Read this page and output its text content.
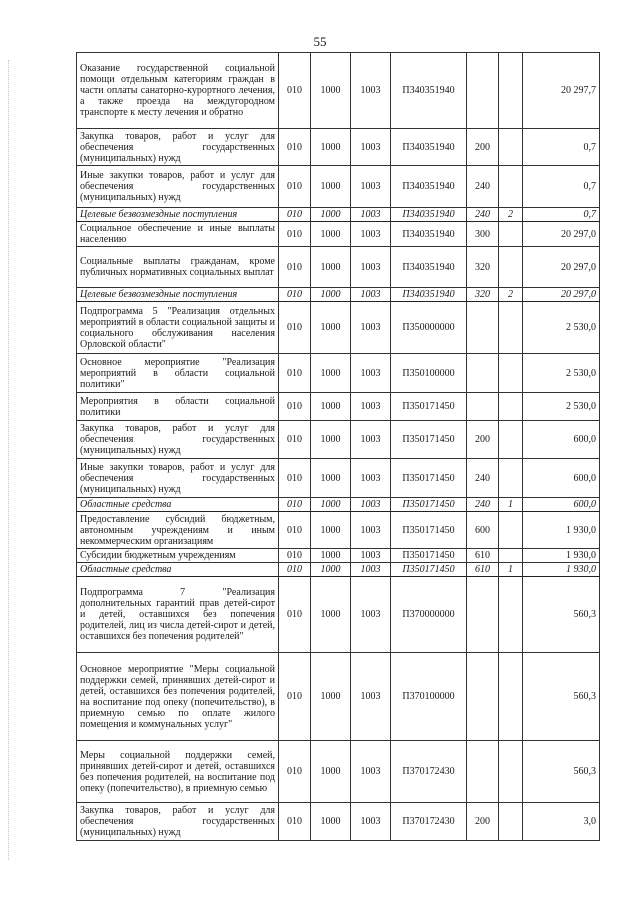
55
Оказание государственной социальной помощи отдельным категориям граждан в части оплаты санаторно-курортного лечения, а также проезда на междугородном транспорте к месту лечения и обратно	010	1000	1003	П340351940			20 297,7
Закупка товаров, работ и услуг для обеспечения государственных (муниципальных) нужд	010	1000	1003	П340351940	200		0,7
Иные закупки товаров, работ и услуг для обеспечения государственных (муниципальных) нужд	010	1000	1003	П340351940	240		0,7
Целевые безвозмездные поступления	010	1000	1003	П340351940	240	2	0,7
Социальное обеспечение и иные выплаты населению	010	1000	1003	П340351940	300		20 297,0
Социальные выплаты гражданам, кроме публичных нормативных социальных выплат	010	1000	1003	П340351940	320		20 297,0
Целевые безвозмездные поступления	010	1000	1003	П340351940	320	2	20 297,0
Подпрограмма 5 "Реализация отдельных мероприятий в области социальной защиты и социального обслуживания населения Орловской области"	010	1000	1003	П350000000			2 530,0
Основное мероприятие "Реализация мероприятий в области социальной политики"	010	1000	1003	П350100000			2 530,0
Мероприятия в области социальной политики	010	1000	1003	П350171450			2 530,0
Закупка товаров, работ и услуг для обеспечения государственных (муниципальных) нужд	010	1000	1003	П350171450	200		600,0
Иные закупки товаров, работ и услуг для обеспечения государственных (муниципальных) нужд	010	1000	1003	П350171450	240		600,0
Областные средства	010	1000	1003	П350171450	240	1	600,0
Предоставление субсидий бюджетным, автономным учреждениям и иным некоммерческим организациям	010	1000	1003	П350171450	600		1 930,0
Субсидии бюджетным учреждениям	010	1000	1003	П350171450	610		1 930,0
Областные средства	010	1000	1003	П350171450	610	1	1 930,0
Подпрограмма 7 "Реализация дополнительных гарантий прав детей-сирот и детей, оставшихся без попечения родителей, лиц из числа детей-сирот и детей, оставшихся без попечения родителей"	010	1000	1003	П370000000			560,3
Основное мероприятие "Меры социальной поддержки семей, принявших детей-сирот и детей, оставшихся без попечения родителей, на воспитание под опеку (попечительство), в приемную семью по оплате жилого помещения и коммунальных услуг"	010	1000	1003	П370100000			560,3
Меры социальной поддержки семей, принявших детей-сирот и детей, оставшихся без попечения родителей, на воспитание под опеку (попечительство), в приемную семью	010	1000	1003	П370172430			560,3
Закупка товаров, работ и услуг для обеспечения государственных (муниципальных) нужд	010	1000	1003	П370172430	200		3,0
